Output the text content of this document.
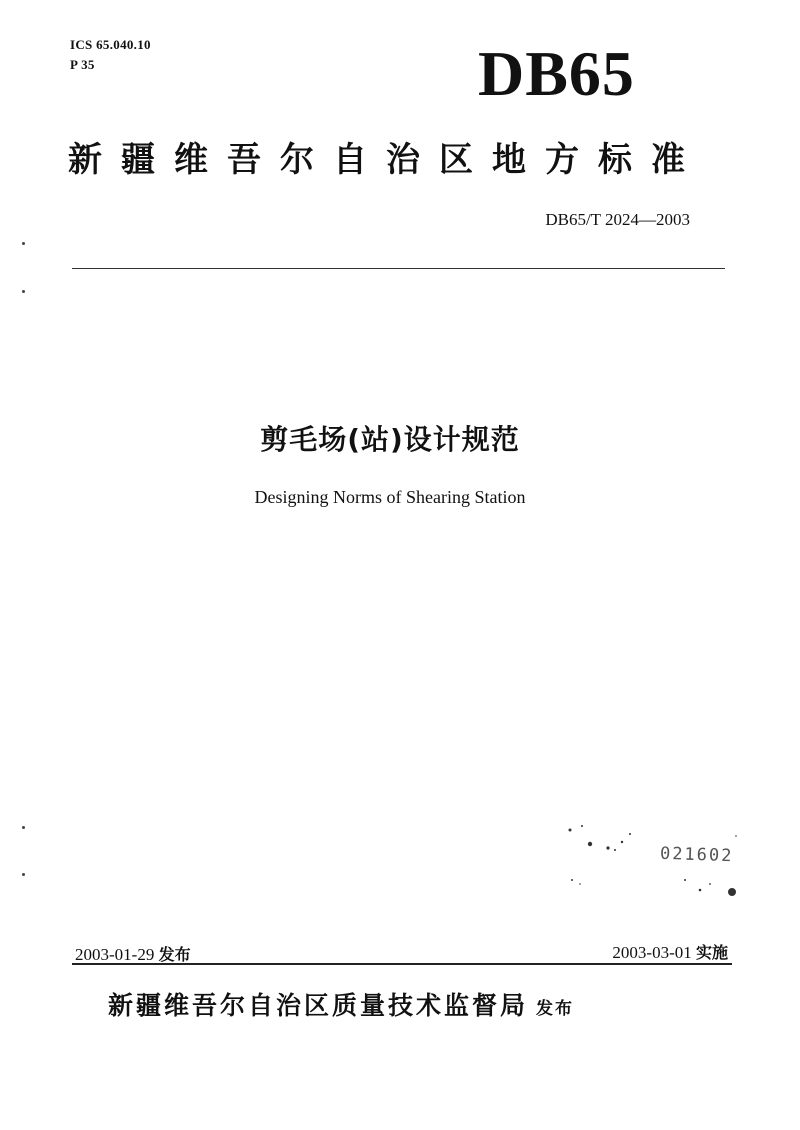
ICS 65.040.10
P 35	DB65
新疆维吾尔自治区地方标准
DB65/T 2024—2003
剪毛场(站)设计规范
Designing Norms of Shearing Station
021602
2003-01-29 发布	2003-03-01 实施
新疆维吾尔自治区质量技术监督局 发布
